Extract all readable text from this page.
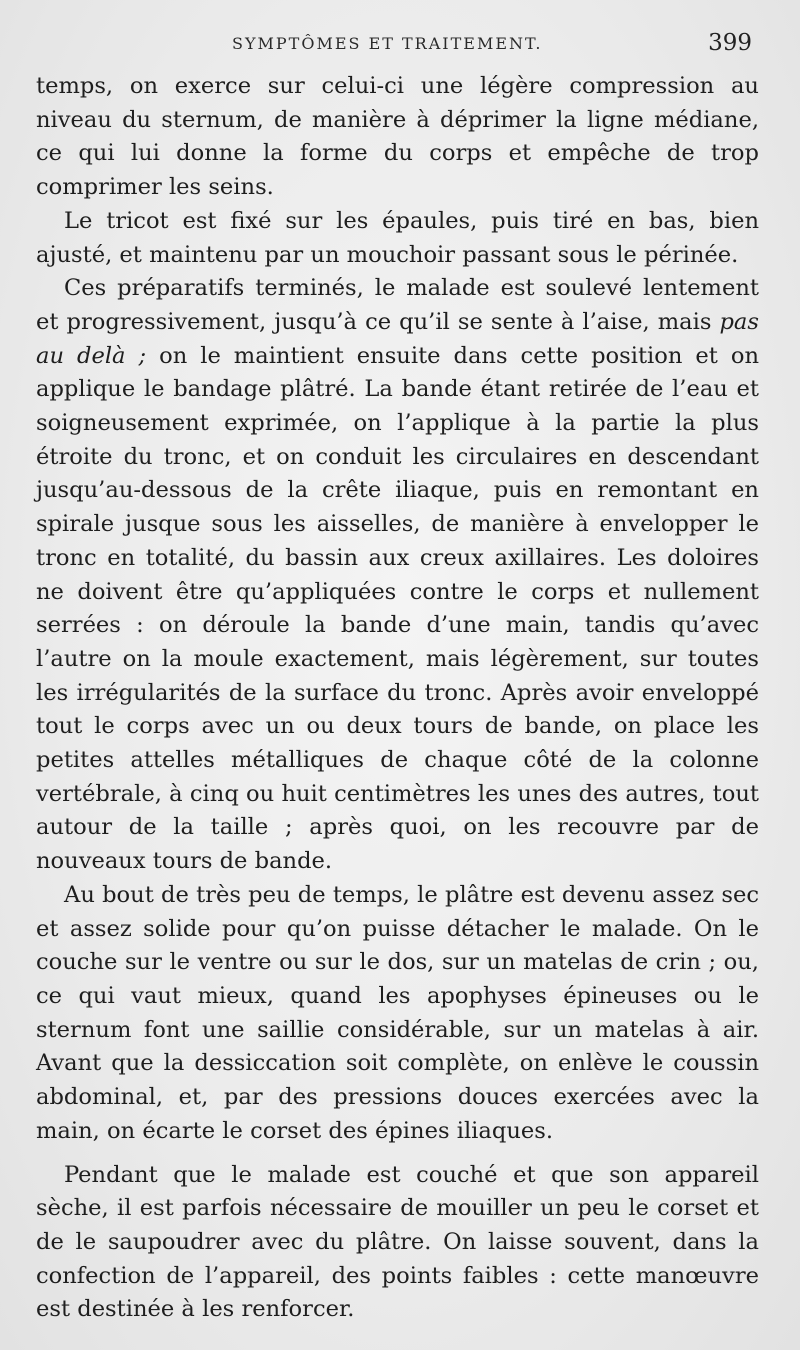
SYMPTÔMES ET TRAITEMENT.	399

temps, on exerce sur celui-ci une légère compression au niveau du sternum, de manière à déprimer la ligne médiane, ce qui lui donne la forme du corps et empêche de trop comprimer les seins.

Le tricot est fixé sur les épaules, puis tiré en bas, bien ajusté, et maintenu par un mouchoir passant sous le périnée.

Ces préparatifs terminés, le malade est soulevé lentement et progressivement, jusqu’à ce qu’il se sente à l’aise, mais pas au delà ; on le maintient ensuite dans cette position et on applique le bandage plâtré. La bande étant retirée de l’eau et soigneusement exprimée, on l’applique à la partie la plus étroite du tronc, et on conduit les circulaires en descendant jusqu’au-dessous de la crête iliaque, puis en remontant en spirale jusque sous les aisselles, de manière à envelopper le tronc en totalité, du bassin aux creux axillaires. Les doloires ne doivent être qu’appliquées contre le corps et nullement serrées : on déroule la bande d’une main, tandis qu’avec l’autre on la moule exactement, mais légèrement, sur toutes les irrégularités de la surface du tronc. Après avoir enveloppé tout le corps avec un ou deux tours de bande, on place les petites attelles métalliques de chaque côté de la colonne vertébrale, à cinq ou huit centimètres les unes des autres, tout autour de la taille ; après quoi, on les recouvre par de nouveaux tours de bande.

Au bout de très peu de temps, le plâtre est devenu assez sec et assez solide pour qu’on puisse détacher le malade. On le couche sur le ventre ou sur le dos, sur un matelas de crin ; ou, ce qui vaut mieux, quand les apophyses épineuses ou le sternum font une saillie considérable, sur un matelas à air. Avant que la dessiccation soit complète, on enlève le coussin abdominal, et, par des pressions douces exercées avec la main, on écarte le corset des épines iliaques.

Pendant que le malade est couché et que son appareil sèche, il est parfois nécessaire de mouiller un peu le corset et de le saupoudrer avec du plâtre. On laisse souvent, dans la confection de l’appareil, des points faibles : cette manœuvre est destinée à les renforcer.
